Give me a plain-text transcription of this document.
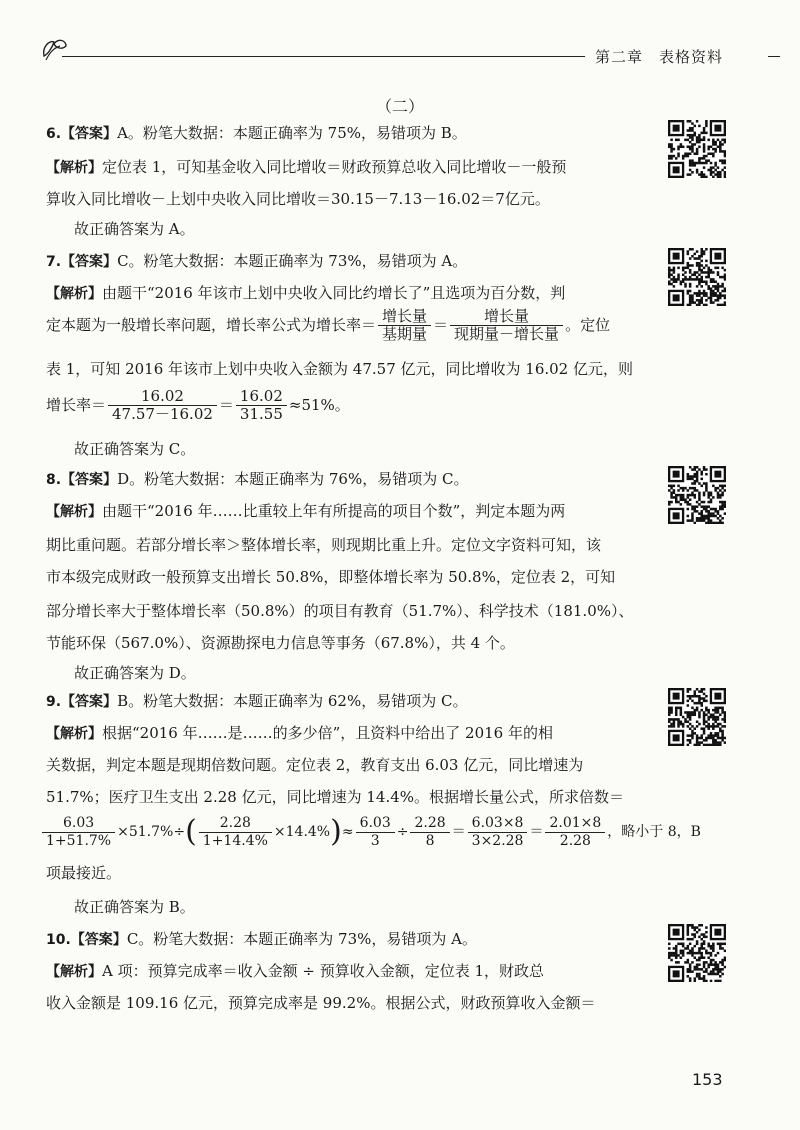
第二章　表格资料
（二）
6.【答案】A。粉笔大数据：本题正确率为 75%，易错项为 B。
【解析】定位表 1，可知基金收入同比增收＝财政预算总收入同比增收－一般预
算收入同比增收－上划中央收入同比增收＝30.15－7.13－16.02＝7亿元。
故正确答案为 A。
7.【答案】C。粉笔大数据：本题正确率为 73%，易错项为 A。
【解析】由题干“2016 年该市上划中央收入同比约增长了”且选项为百分数，判
定本题为一般增长率问题，增长率公式为增长率＝ $\frac{\text{增长量}}{\text{基期量}} = \frac{\text{增长量}}{\text{现期量－增长量}}$ 。定位
表 1，可知 2016 年该市上划中央收入金额为 47.57 亿元，同比增收为 16.02 亿元，则
增长率＝ $\frac{16.02}{47.57-16.02} = \frac{16.02}{31.55} \approx 51\%$。
故正确答案为 C。
8.【答案】D。粉笔大数据：本题正确率为 76%，易错项为 C。
【解析】由题干“2016 年……比重较上年有所提高的项目个数”，判定本题为两
期比重问题。若部分增长率＞整体增长率，则现期比重上升。定位文字资料可知，该
市本级完成财政一般预算支出增长 50.8%，即整体增长率为 50.8%，定位表 2，可知
部分增长率大于整体增长率（50.8%）的项目有教育（51.7%）、科学技术（181.0%）、
节能环保（567.0%）、资源勘探电力信息等事务（67.8%），共 4 个。
故正确答案为 D。
9.【答案】B。粉笔大数据：本题正确率为 62%，易错项为 C。
【解析】根据“2016 年……是……的多少倍”，且资料中给出了 2016 年的相
关数据，判定本题是现期倍数问题。定位表 2，教育支出 6.03 亿元，同比增速为
51.7%；医疗卫生支出 2.28 亿元，同比增速为 14.4%。根据增长量公式，所求倍数＝
$\frac{6.03}{1+51.7\%} \times 51.7\%\div( \frac{2.28}{1+14.4\%} \times 14.4\%)\approx \frac{6.03}{3} \div \frac{2.28}{8} = \frac{6.03\times 8}{3\times 2.28} = \frac{2.01\times 8}{2.28}$ ，略小于 8，B
项最接近。
故正确答案为 B。
10.【答案】C。粉笔大数据：本题正确率为 73%，易错项为 A。
【解析】A 项：预算完成率＝收入金额 ÷ 预算收入金额，定位表 1，财政总
收入金额是 109.16 亿元，预算完成率是 99.2%。根据公式，财政预算收入金额＝
153
